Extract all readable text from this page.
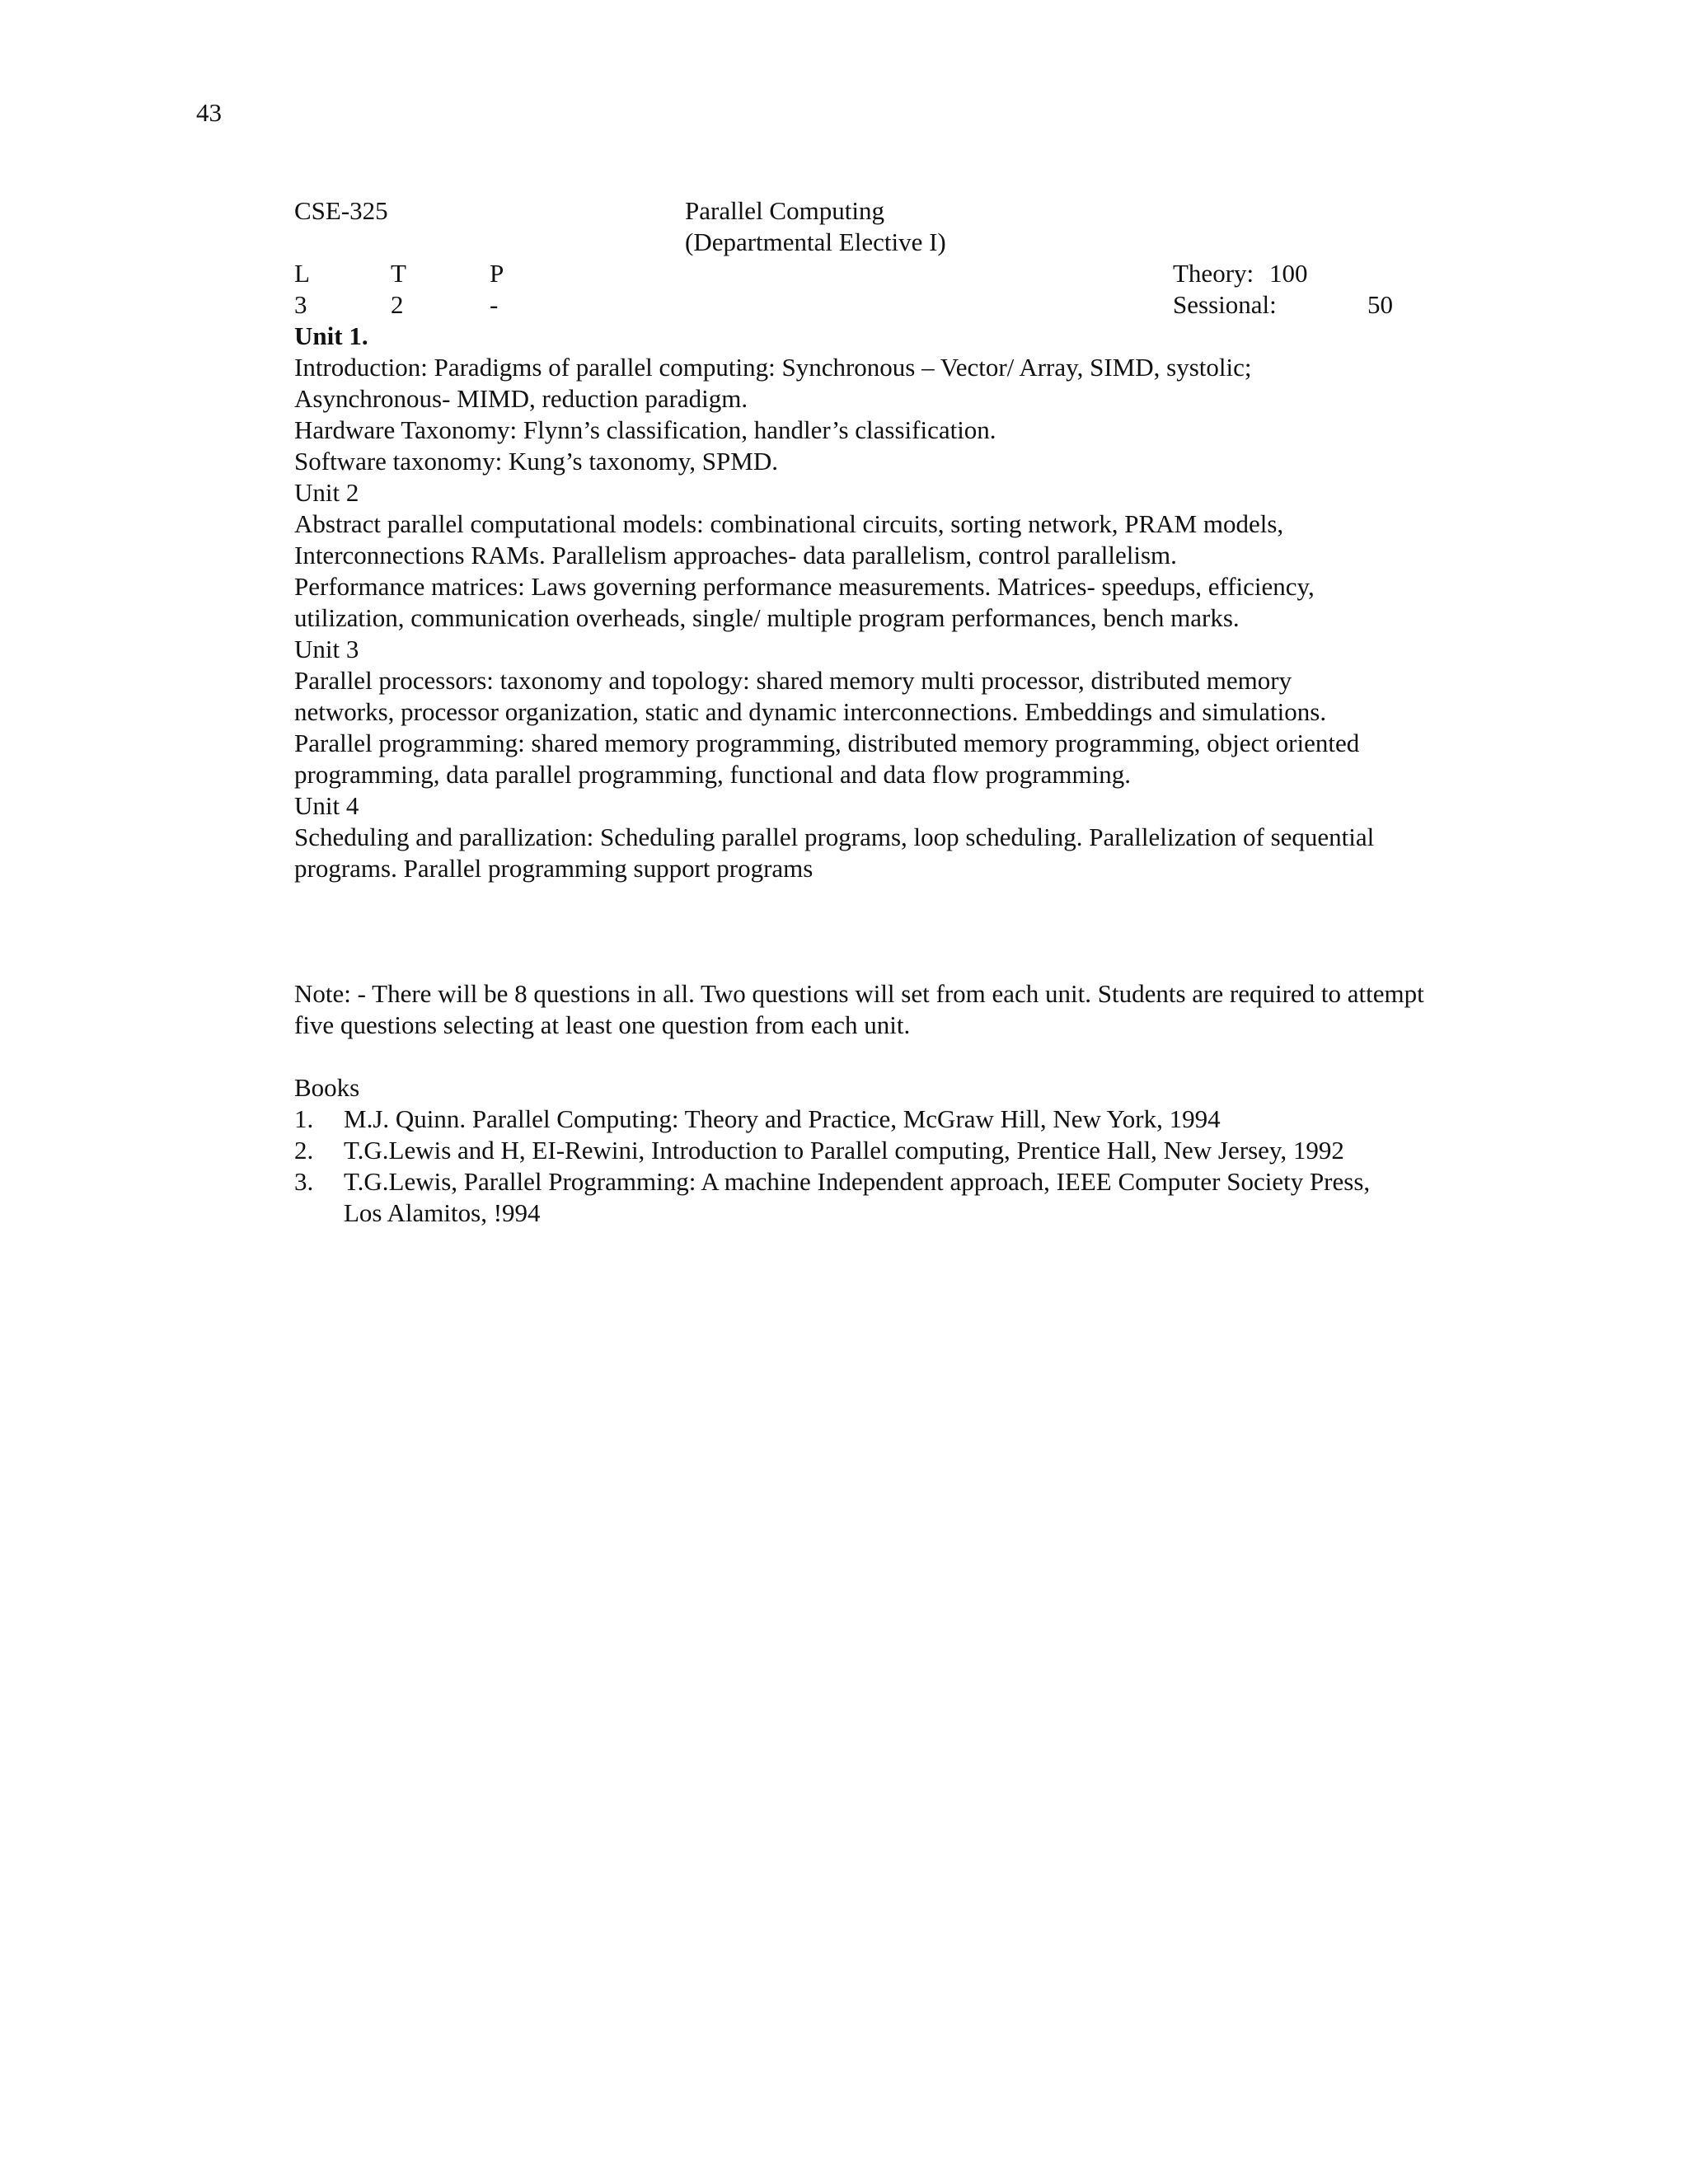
43
CSE-325	Parallel Computing
(Departmental Elective I)
L	T	P	Theory: 100
3	2	-	Sessional:	50
Unit 1.
Introduction: Paradigms of parallel computing: Synchronous – Vector/ Array, SIMD, systolic;
Asynchronous- MIMD, reduction paradigm.
Hardware Taxonomy: Flynn’s classification, handler’s classification.
Software taxonomy: Kung’s taxonomy, SPMD.
Unit 2
Abstract parallel computational models: combinational circuits, sorting network, PRAM models,
Interconnections RAMs. Parallelism approaches- data parallelism, control parallelism.
Performance matrices: Laws governing performance measurements. Matrices- speedups, efficiency,
utilization, communication overheads, single/ multiple program performances, bench marks.
Unit 3
Parallel processors: taxonomy and topology: shared memory multi processor, distributed memory
networks, processor organization, static and dynamic interconnections. Embeddings and simulations.
Parallel programming: shared memory programming, distributed memory programming, object oriented
programming, data parallel programming, functional and data flow programming.
Unit 4
Scheduling and parallization: Scheduling parallel programs, loop scheduling. Parallelization of sequential
programs. Parallel programming support programs
Note: - There will be 8 questions in all. Two questions will set from each unit. Students are required to attempt
five questions selecting at least one question from each unit.
Books
1. M.J. Quinn. Parallel Computing: Theory and Practice, McGraw Hill, New York, 1994
2. T.G.Lewis and H, EI-Rewini, Introduction to Parallel computing, Prentice Hall, New Jersey, 1992
3. T.G.Lewis, Parallel Programming: A machine Independent approach, IEEE Computer Society Press,
Los Alamitos, !994
